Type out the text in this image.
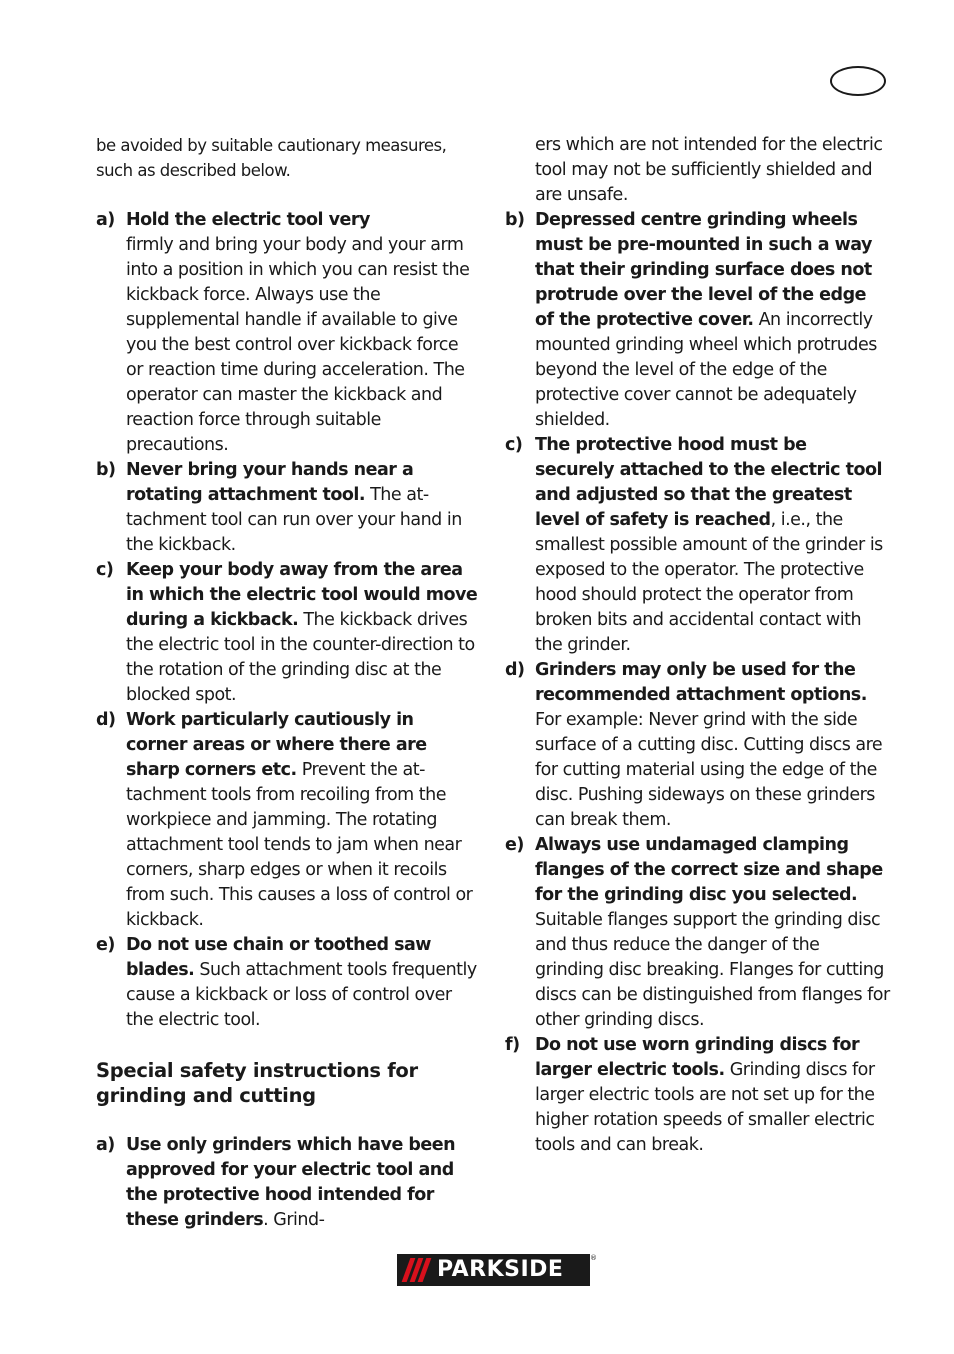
be avoided by suitable cautionary measures, such as described below.

a) Hold the electric tool very
firmly and bring your body and your arm into a position in which you can resist the kickback force. Always use the supplemental handle if available to give you the best control over kickback force or reaction time during acceleration. The operator can master the kickback and reaction force through suitable precautions.
b) Never bring your hands near a rotating attachment tool. The attachment tool can run over your hand in the kickback.
c) Keep your body away from the area in which the electric tool would move during a kickback. The kickback drives the electric tool in the counter-direction to the rotation of the grinding disc at the blocked spot.
d) Work particularly cautiously in corner areas or where there are sharp corners etc. Prevent the attachment tools from recoiling from the workpiece and jamming. The rotating attachment tool tends to jam when near corners, sharp edges or when it recoils from such. This causes a loss of control or kickback.
e) Do not use chain or toothed saw blades. Such attachment tools frequently cause a kickback or loss of control over the electric tool.

Special safety instructions for grinding and cutting

a) Use only grinders which have been approved for your electric tool and the protective hood intended for these grinders. Grind-
ers which are not intended for the electric tool may not be sufficiently shielded and are unsafe.
b) Depressed centre grinding wheels must be pre-mounted in such a way that their grinding surface does not protrude over the level of the edge of the protective cover. An incorrectly mounted grinding wheel which protrudes beyond the level of the edge of the protective cover cannot be adequately shielded.
c) The protective hood must be securely attached to the electric tool and adjusted so that the greatest level of safety is reached, i.e., the smallest possible amount of the grinder is exposed to the operator. The protective hood should protect the operator from broken bits and accidental contact with the grinder.
d) Grinders may only be used for the recommended attachment options. For example: Never grind with the side surface of a cutting disc. Cutting discs are for cutting material using the edge of the disc. Pushing sideways on these grinders can break them.
e) Always use undamaged clamping flanges of the correct size and shape for the grinding disc you selected. Suitable flanges support the grinding disc and thus reduce the danger of the grinding disc breaking. Flanges for cutting discs can be distinguished from flanges for other grinding discs.
f) Do not use worn grinding discs for larger electric tools. Grinding discs for larger electric tools are not set up for the higher rotation speeds of smaller electric tools and can break.
PARKSIDE	®
